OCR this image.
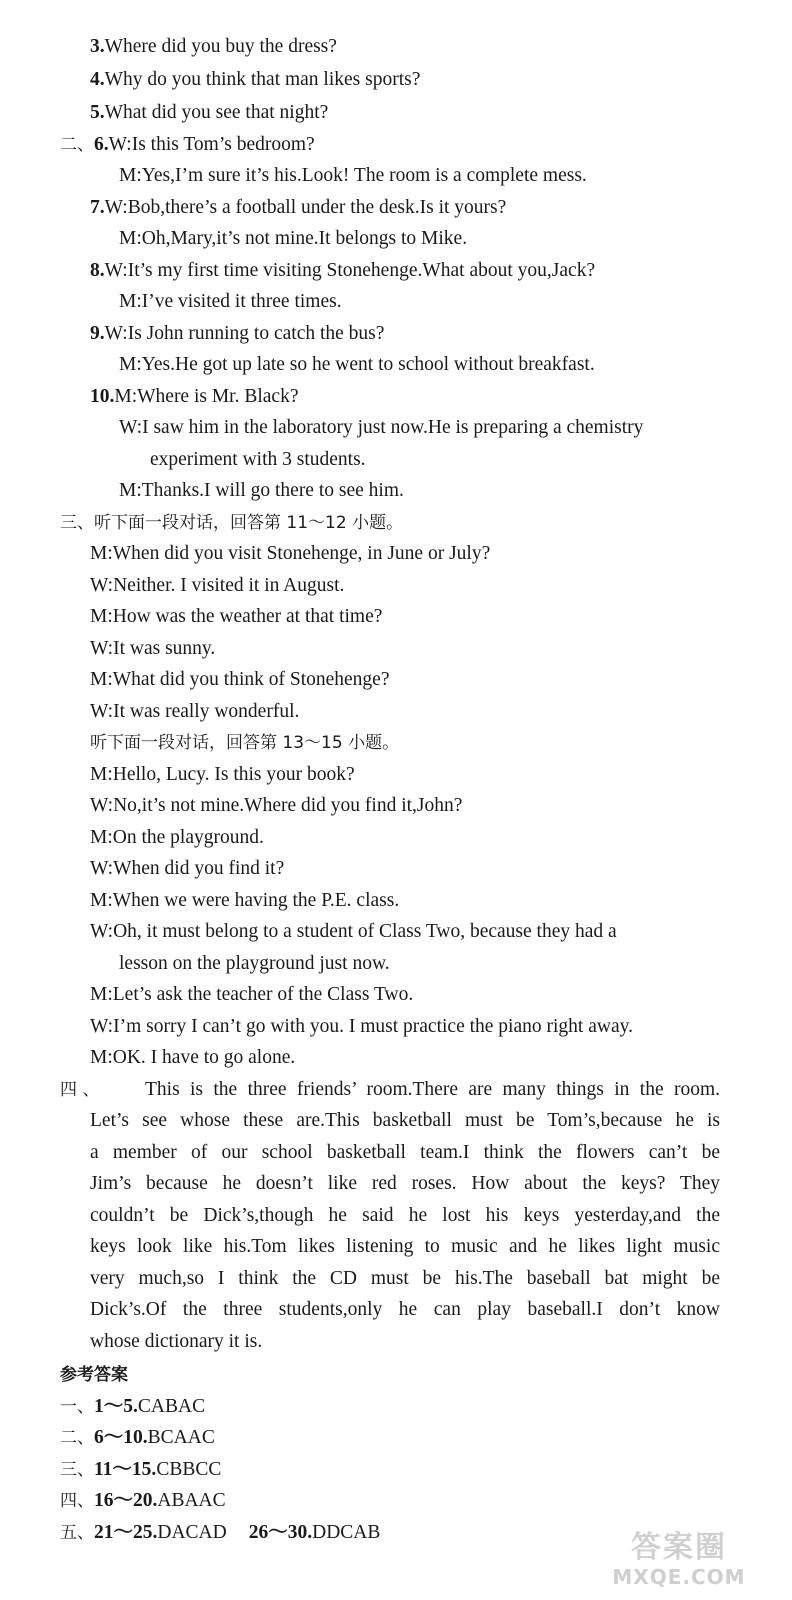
3.Where did you buy the dress?
4.Why do you think that man likes sports?
5.What did you see that night?
二、6.W:Is this Tom’s bedroom?
M:Yes,I’m sure it’s his.Look! The room is a complete mess.
7.W:Bob,there’s a football under the desk.Is it yours?
M:Oh,Mary,it’s not mine.It belongs to Mike.
8.W:It’s my first time visiting Stonehenge.What about you,Jack?
M:I’ve visited it three times.
9.W:Is John running to catch the bus?
M:Yes.He got up late so he went to school without breakfast.
10.M:Where is Mr. Black?
W:I saw him in the laboratory just now.He is preparing a chemistry
experiment with 3 students.
M:Thanks.I will go there to see him.
三、听下面一段对话，回答第 11～12 小题。
M:When did you visit Stonehenge, in June or July?
W:Neither. I visited it in August.
M:How was the weather at that time?
W:It was sunny.
M:What did you think of Stonehenge?
W:It was really wonderful.
听下面一段对话，回答第 13～15 小题。
M:Hello, Lucy. Is this your book?
W:No,it’s not mine.Where did you find it,John?
M:On the playground.
W:When did you find it?
M:When we were having the P.E. class.
W:Oh, it must belong to a student of Class Two, because they had a
lesson on the playground just now.
M:Let’s ask the teacher of the Class Two.
W:I’m sorry I can’t go with you. I must practice the piano right away.
M:OK. I have to go alone.
四、 This is the three friends’ room.There are many things in the room.
Let’s see whose these are.This basketball must be Tom’s,because he is
a member of our school basketball team.I think the flowers can’t be
Jim’s because he doesn’t like red roses. How about the keys? They
couldn’t be Dick’s,though he said he lost his keys yesterday,and the
keys look like his.Tom likes listening to music and he likes light music
very much,so I think the CD must be his.The baseball bat might be
Dick’s.Of the three students,only he can play baseball.I don’t know
whose dictionary it is.
参考答案
一、1～5.CABAC
二、6～10.BCAAC
三、11～15.CBBCC
四、16～20.ABAAC
五、21～25.DACAD 26～30.DDCAB	答案圈
MXQE.COM
